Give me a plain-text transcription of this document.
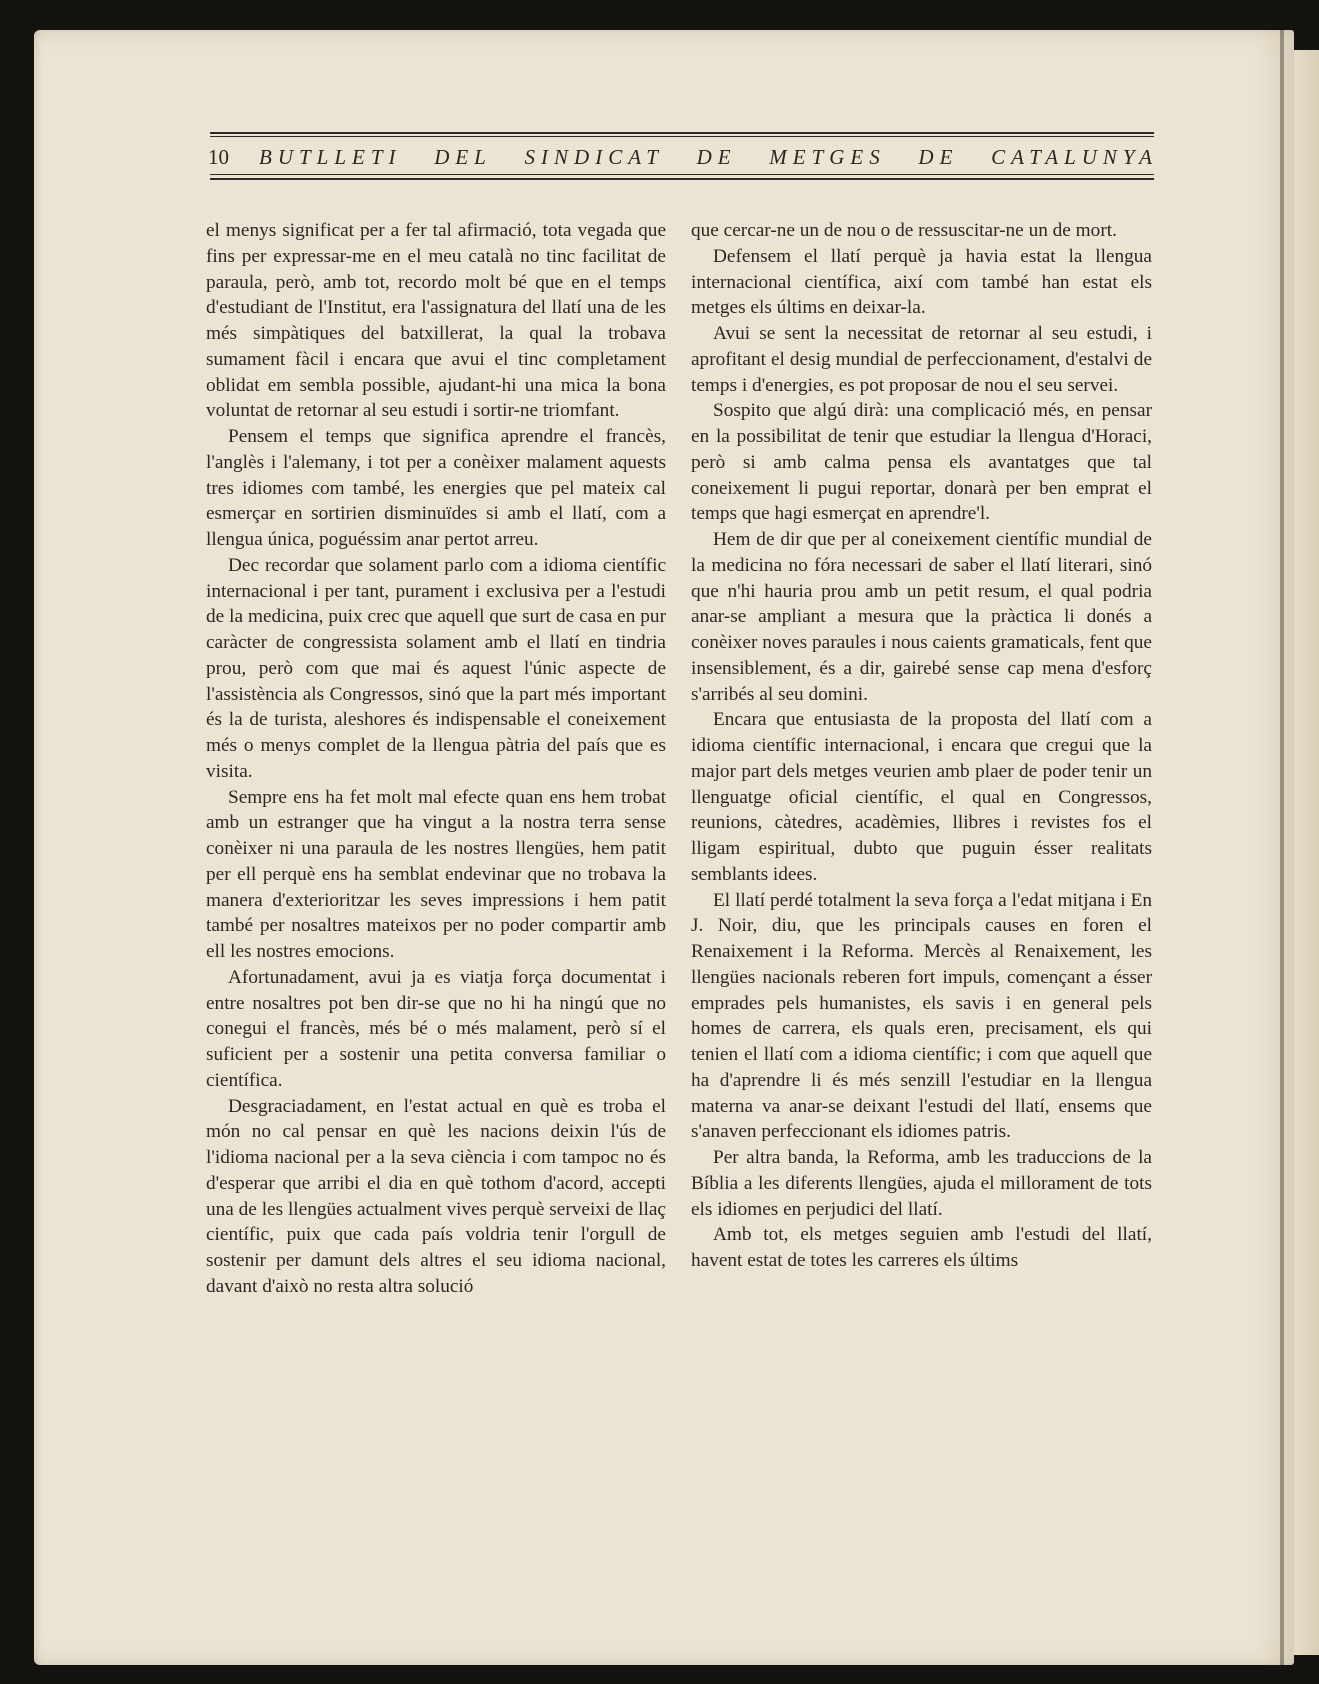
10 BUTLLETI DEL SINDICAT DE METGES DE CATALUNYA

el menys significat per a fer tal afirmació, tota vegada que fins per expressar-me en el meu català no tinc facilitat de paraula, però, amb tot, recordo molt bé que en el temps d'estudiant de l'Institut, era l'assignatura del llatí una de les més simpàtiques del batxillerat, la qual la trobava sumament fàcil i encara que avui el tinc completament oblidat em sembla possible, ajudant-hi una mica la bona voluntat de retornar al seu estudi i sortir-ne triomfant.

Pensem el temps que significa aprendre el francès, l'anglès i l'alemany, i tot per a conèixer malament aquests tres idiomes com també, les energies que pel mateix cal esmerçar en sortirien disminuïdes si amb el llatí, com a llengua única, poguéssim anar pertot arreu.

Dec recordar que solament parlo com a idioma científic internacional i per tant, purament i exclusiva per a l'estudi de la medicina, puix crec que aquell que surt de casa en pur caràcter de congressista solament amb el llatí en tindria prou, però com que mai és aquest l'únic aspecte de l'assistència als Congressos, sinó que la part més important és la de turista, aleshores és indispensable el coneixement més o menys complet de la llengua pàtria del país que es visita.

Sempre ens ha fet molt mal efecte quan ens hem trobat amb un estranger que ha vingut a la nostra terra sense conèixer ni una paraula de les nostres llengües, hem patit per ell perquè ens ha semblat endevinar que no trobava la manera d'exterioritzar les seves impressions i hem patit també per nosaltres mateixos per no poder compartir amb ell les nostres emocions.

Afortunadament, avui ja es viatja força documentat i entre nosaltres pot ben dir-se que no hi ha ningú que no conegui el francès, més bé o més malament, però sí el suficient per a sostenir una petita conversa familiar o científica.

Desgraciadament, en l'estat actual en què es troba el món no cal pensar en què les nacions deixin l'ús de l'idioma nacional per a la seva ciència i com tampoc no és d'esperar que arribi el dia en què tothom d'acord, accepti una de les llengües actualment vives perquè serveixi de llaç científic, puix que cada país voldria tenir l'orgull de sostenir per damunt dels altres el seu idioma nacional, davant d'això no resta altra solució

que cercar-ne un de nou o de ressuscitar-ne un de mort.

Defensem el llatí perquè ja havia estat la llengua internacional científica, així com també han estat els metges els últims en deixar-la.

Avui se sent la necessitat de retornar al seu estudi, i aprofitant el desig mundial de perfeccionament, d'estalvi de temps i d'energies, es pot proposar de nou el seu servei.

Sospito que algú dirà: una complicació més, en pensar en la possibilitat de tenir que estudiar la llengua d'Horaci, però si amb calma pensa els avantatges que tal coneixement li pugui reportar, donarà per ben emprat el temps que hagi esmerçat en aprendre'l.

Hem de dir que per al coneixement científic mundial de la medicina no fóra necessari de saber el llatí literari, sinó que n'hi hauria prou amb un petit resum, el qual podria anar-se ampliant a mesura que la pràctica li donés a conèixer noves paraules i nous caients gramaticals, fent que insensiblement, és a dir, gairebé sense cap mena d'esforç s'arribés al seu domini.

Encara que entusiasta de la proposta del llatí com a idioma científic internacional, i encara que cregui que la major part dels metges veurien amb plaer de poder tenir un llenguatge oficial científic, el qual en Congressos, reunions, càtedres, acadèmies, llibres i revistes fos el lligam espiritual, dubto que puguin ésser realitats semblants idees.

El llatí perdé totalment la seva força a l'edat mitjana i En J. Noir, diu, que les principals causes en foren el Renaixement i la Reforma. Mercès al Renaixement, les llengües nacionals reberen fort impuls, començant a ésser emprades pels humanistes, els savis i en general pels homes de carrera, els quals eren, precisament, els qui tenien el llatí com a idioma científic; i com que aquell que ha d'aprendre li és més senzill l'estudiar en la llengua materna va anar-se deixant l'estudi del llatí, ensems que s'anaven perfeccionant els idiomes patris.

Per altra banda, la Reforma, amb les traduccions de la Bíblia a les diferents llengües, ajuda el millorament de tots els idiomes en perjudici del llatí.

Amb tot, els metges seguien amb l'estudi del llatí, havent estat de totes les carreres els últims
